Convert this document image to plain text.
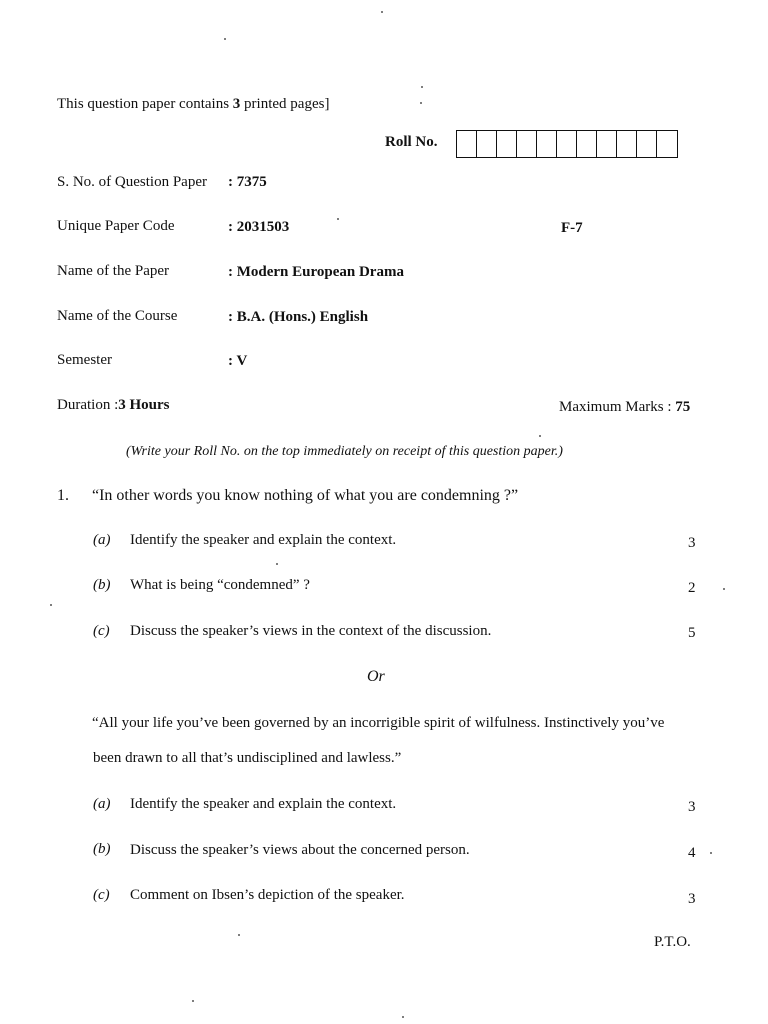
This question paper contains 3 printed pages]
Roll No.
S. No. of Question Paper : 7375
Unique Paper Code	: 2031503	F-7
Name of the Paper	: Modern European Drama
Name of the Course	: B.A. (Hons.) English
Semester	: V
Duration :3 Hours	Maximum Marks : 75
(Write your Roll No. on the top immediately on receipt of this question paper.)
1. “In other words you know nothing of what you are condemning ?”
(a) Identify the speaker and explain the context.	3
(b) What is being “condemned” ?	2
(c) Discuss the speaker’s views in the context of the discussion.	5
Or
“All your life you’ve been governed by an incorrigible spirit of wilfulness. Instinctively you’ve
been drawn to all that’s undisciplined and lawless.”
(a) Identify the speaker and explain the context.	3
(b) Discuss the speaker’s views about the concerned person.	4
(c) Comment on Ibsen’s depiction of the speaker.	3
P.T.O.
